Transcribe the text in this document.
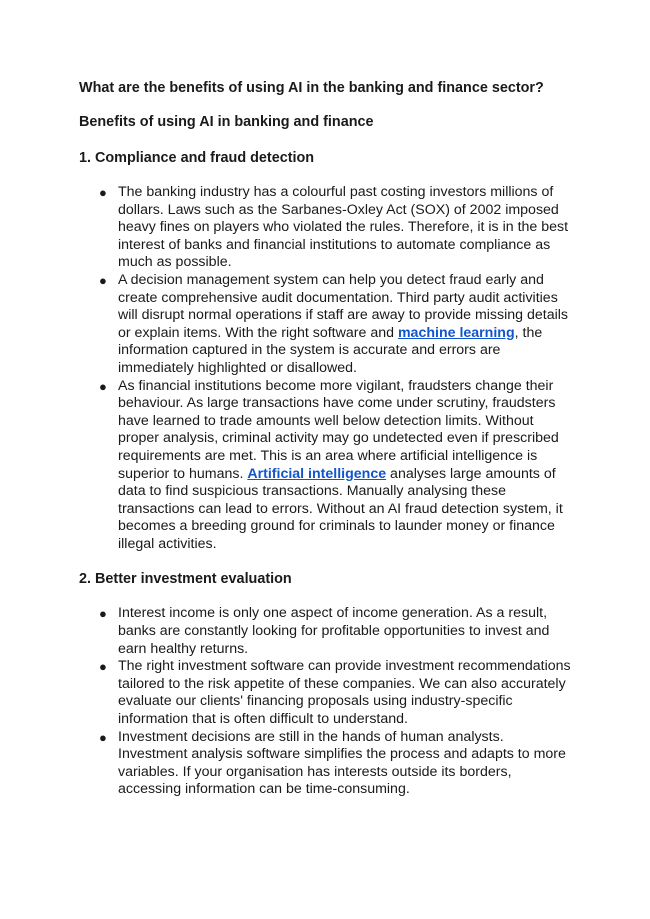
What are the benefits of using AI in the banking and finance sector?

Benefits of using AI in banking and finance

1. Compliance and fraud detection

● The banking industry has a colourful past costing investors millions of dollars. Laws such as the Sarbanes-Oxley Act (SOX) of 2002 imposed heavy fines on players who violated the rules. Therefore, it is in the best interest of banks and financial institutions to automate compliance as much as possible.
● A decision management system can help you detect fraud early and create comprehensive audit documentation. Third party audit activities will disrupt normal operations if staff are away to provide missing details or explain items. With the right software and machine learning, the information captured in the system is accurate and errors are immediately highlighted or disallowed.
● As financial institutions become more vigilant, fraudsters change their behaviour. As large transactions have come under scrutiny, fraudsters have learned to trade amounts well below detection limits. Without proper analysis, criminal activity may go undetected even if prescribed requirements are met. This is an area where artificial intelligence is superior to humans. Artificial intelligence analyses large amounts of data to find suspicious transactions. Manually analysing these transactions can lead to errors. Without an AI fraud detection system, it becomes a breeding ground for criminals to launder money or finance illegal activities.

2. Better investment evaluation

● Interest income is only one aspect of income generation. As a result, banks are constantly looking for profitable opportunities to invest and earn healthy returns.
● The right investment software can provide investment recommendations tailored to the risk appetite of these companies. We can also accurately evaluate our clients' financing proposals using industry-specific information that is often difficult to understand.
● Investment decisions are still in the hands of human analysts. Investment analysis software simplifies the process and adapts to more variables. If your organisation has interests outside its borders, accessing information can be time-consuming.
